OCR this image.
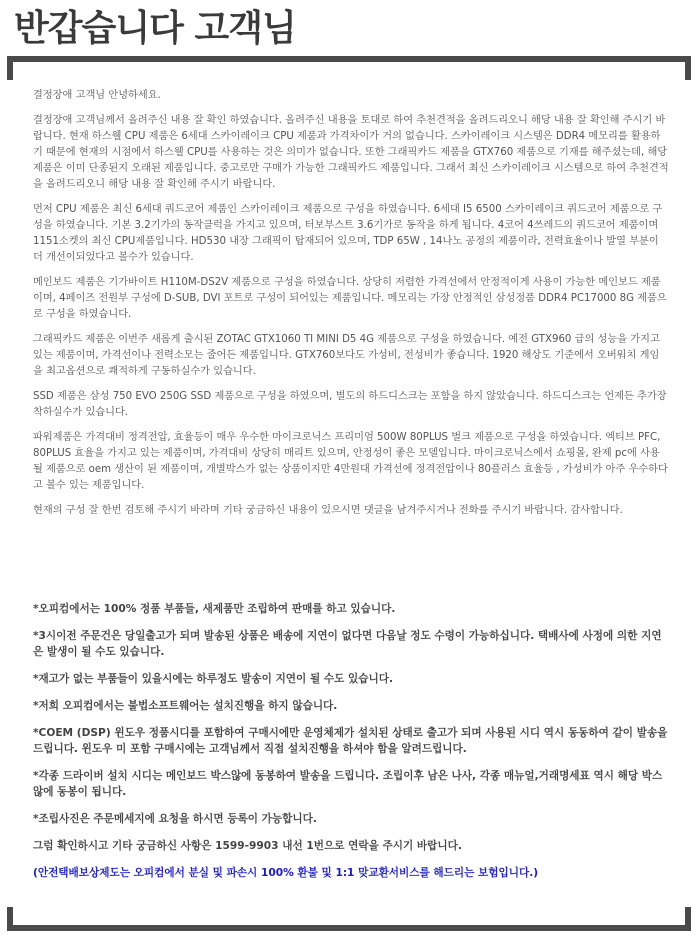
반갑습니다 고객님

결정장애 고객님 안녕하세요.

결정장애 고객님께서 올려주신 내용 잘 확인 하였습니다. 올려주신 내용을 토대로 하여 추천견적을 올려드리오니 해당 내용 잘 확인해 주시기 바랍니다. 현재 하스웰 CPU 제품은 6세대 스카이레이크 CPU 제품과 가격차이가 거의 없습니다. 스카이레이크 시스템은 DDR4 메모리를 활용하기 때문에 현재의 시점에서 하스웰 CPU를 사용하는 것은 의미가 없습니다. 또한 그래픽카드 제품을 GTX760 제품으로 기재를 해주셨는데, 해당 제품은 이미 단종된지 오래된 제품입니다. 중고로만 구매가 가능한 그래픽카드 제품입니다. 그래서 최신 스카이레이크 시스템으로 하여 추천견적을 올려드리오니 해당 내용 잘 확인해 주시기 바랍니다.

먼저 CPU 제품은 최신 6세대 쿼드코어 제품인 스카이레이크 제품으로 구성을 하였습니다. 6세대 I5 6500 스카이레이크 쿼드코어 제품으로 구성을 하였습니다. 기본 3.2기가의 동작클럭을 가지고 있으며, 터보부스트 3.6기가로 동작을 하게 됩니다. 4코어 4쓰레드의 쿼드코어 제품이며 1151소켓의 최신 CPU제품입니다. HD530 내장 그래픽이 탑재되어 있으며, TDP 65W , 14나노 공정의 제품이라, 전력효율이나 발열 부분이 더 개선이되었다고 볼수가 있습니다.

메인보드 제품은 기가바이트 H110M-DS2V 제품으로 구성을 하였습니다. 상당히 저렴한 가격선에서 안정적이게 사용이 가능한 메인보드 제품이며, 4페이즈 전원부 구성에 D-SUB, DVI 포트로 구성이 되어있는 제품입니다. 메모리는 가장 안정적인 삼성정품 DDR4 PC17000 8G 제품으로 구성을 하였습니다.

그래픽카드 제품은 이번주 새롭게 출시된 ZOTAC GTX1060 TI MINI D5 4G 제품으로 구성을 하였습니다. 예전 GTX960 급의 성능을 가지고 있는 제품이며, 가격선이나 전력소모는 줄어든 제품입니다. GTX760보다도 가성비, 전성비가 좋습니다. 1920 해상도 기준에서 오버워치 게임을 최고옵션으로 쾌적하게 구동하실수가 있습니다.

SSD 제품은 삼성 750 EVO 250G SSD 제품으로 구성을 하였으며, 별도의 하드디스크는 포함을 하지 않았습니다. 하드디스크는 언제든 추가장착하실수가 있습니다.

파워제품은 가격대비 정격전압, 효율등이 매우 우수한 마이크로닉스 프리미엄 500W 80PLUS 벌크 제품으로 구성을 하였습니다. 엑티브 PFC, 80PLUS 효율을 가지고 있는 제품이며, 가격대비 상당히 매리트 있으며, 안정성이 좋은 모델입니다. 마이크로닉스에서 쇼핑몰, 완제 pc에 사용될 제품으로 oem 생산이 된 제품이며, 개별박스가 없는 상품이지만 4만원대 가격선에 정격전압이나 80플러스 효율등 , 가성비가 아주 우수하다고 볼수 있는 제품입니다.

현재의 구성 잘 한번 검토해 주시기 바라며 기타 궁금하신 내용이 있으시면 댓글을 남겨주시거나 전화를 주시기 바랍니다. 감사합니다.

*오피컴에서는 100% 정품 부품들, 새제품만 조립하여 판매를 하고 있습니다.

*3시이전 주문건은 당일출고가 되며 발송된 상품은 배송에 지연이 없다면 다음날 정도 수령이 가능하십니다. 택배사에 사정에 의한 지연은 발생이 될 수도 있습니다.

*재고가 없는 부품들이 있을시에는 하루정도 발송이 지연이 될 수도 있습니다.

*저희 오피컴에서는 불법소프트웨어는 설치진행을 하지 않습니다.

*COEM (DSP) 윈도우 정품시디를 포함하여 구매시에만 운영체제가 설치된 상태로 출고가 되며 사용된 시디 역시 동동하여 같이 발송을 드립니다. 윈도우 미 포함 구매시에는 고객님께서 직접 설치진행을 하셔야 함을 알려드립니다.

*각종 드라이버 설치 시디는 메인보드 박스않에 동봉하여 발송을 드립니다. 조립이후 남은 나사, 각종 매뉴얼,거래명세표 역시 해당 박스않에 동봉이 됩니다.

*조립사진은 주문메세지에 요청을 하시면 등록이 가능합니다.

그럼 확인하시고 기타 궁금하신 사항은 1599-9903 내선 1번으로 연락을 주시기 바랍니다.

(안전택배보상제도는 오피컴에서 분실 및 파손시 100% 환불 및 1:1 맞교환서비스를 해드리는 보험입니다.)
